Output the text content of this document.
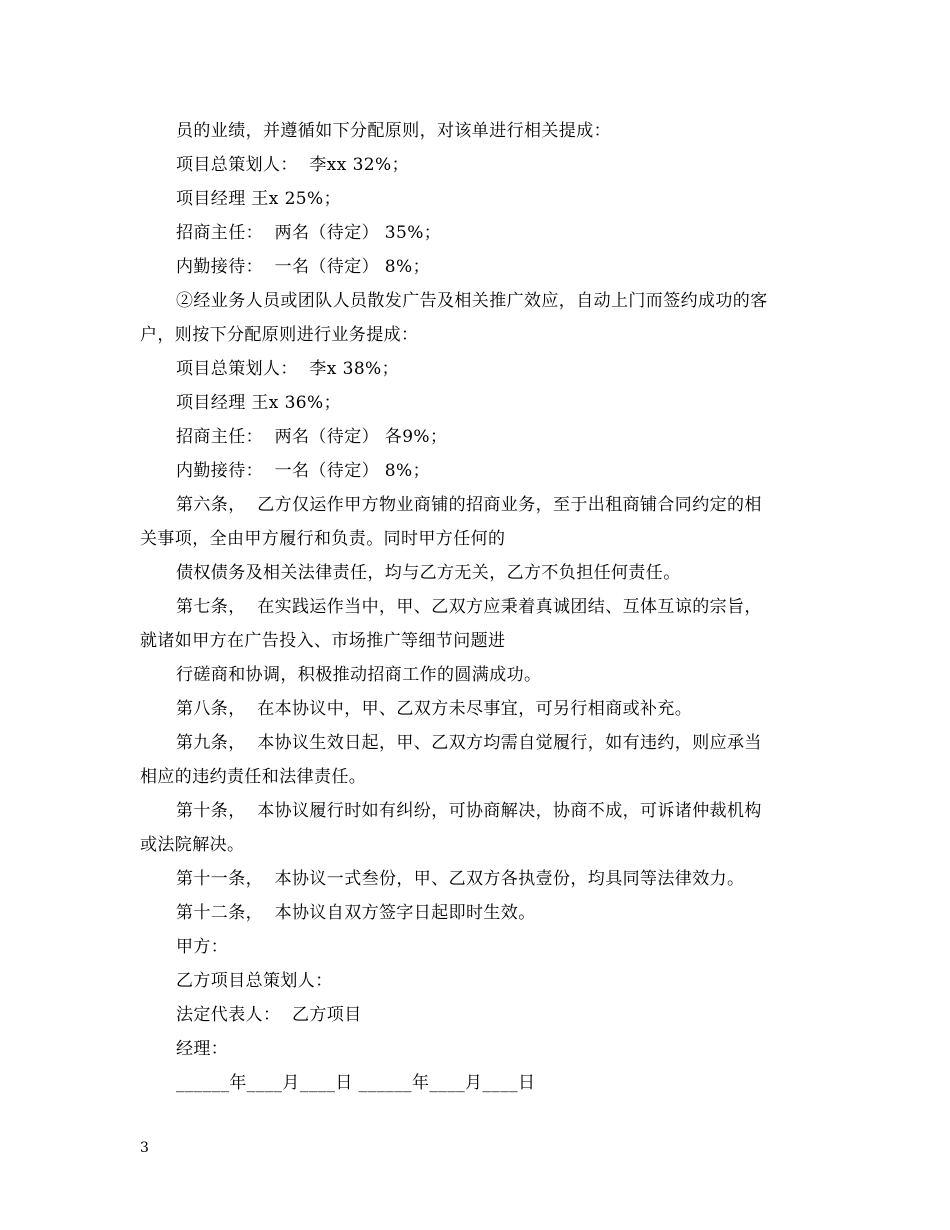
员的业绩，并遵循如下分配原则，对该单进行相关提成：
项目总策划人：  李xx 32%；
项目经理 王x 25%；
招商主任：  两名（待定） 35%；
内勤接待：  一名（待定） 8%；
②经业务人员或团队人员散发广告及相关推广效应，自动上门而签约成功的客
户，则按下分配原则进行业务提成：
项目总策划人：  李x 38%；
项目经理 王x 36%；
招商主任：  两名（待定） 各9%；
内勤接待：  一名（待定） 8%；
第六条，  乙方仅运作甲方物业商铺的招商业务，至于出租商铺合同约定的相
关事项，全由甲方履行和负责。同时甲方任何的
债权债务及相关法律责任，均与乙方无关，乙方不负担任何责任。
第七条，  在实践运作当中，甲、乙双方应秉着真诚团结、互体互谅的宗旨，
就诸如甲方在广告投入、市场推广等细节问题进
行磋商和协调，积极推动招商工作的圆满成功。
第八条，  在本协议中，甲、乙双方未尽事宜，可另行相商或补充。
第九条，  本协议生效日起，甲、乙双方均需自觉履行，如有违约，则应承当
相应的违约责任和法律责任。
第十条，  本协议履行时如有纠纷，可协商解决，协商不成，可诉诸仲裁机构
或法院解决。
第十一条，  本协议一式叁份，甲、乙双方各执壹份，均具同等法律效力。
第十二条，  本协议自双方签字日起即时生效。
甲方：
乙方项目总策划人：
法定代表人：  乙方项目
经理：
______年____月____日 ______年____月____日
3
